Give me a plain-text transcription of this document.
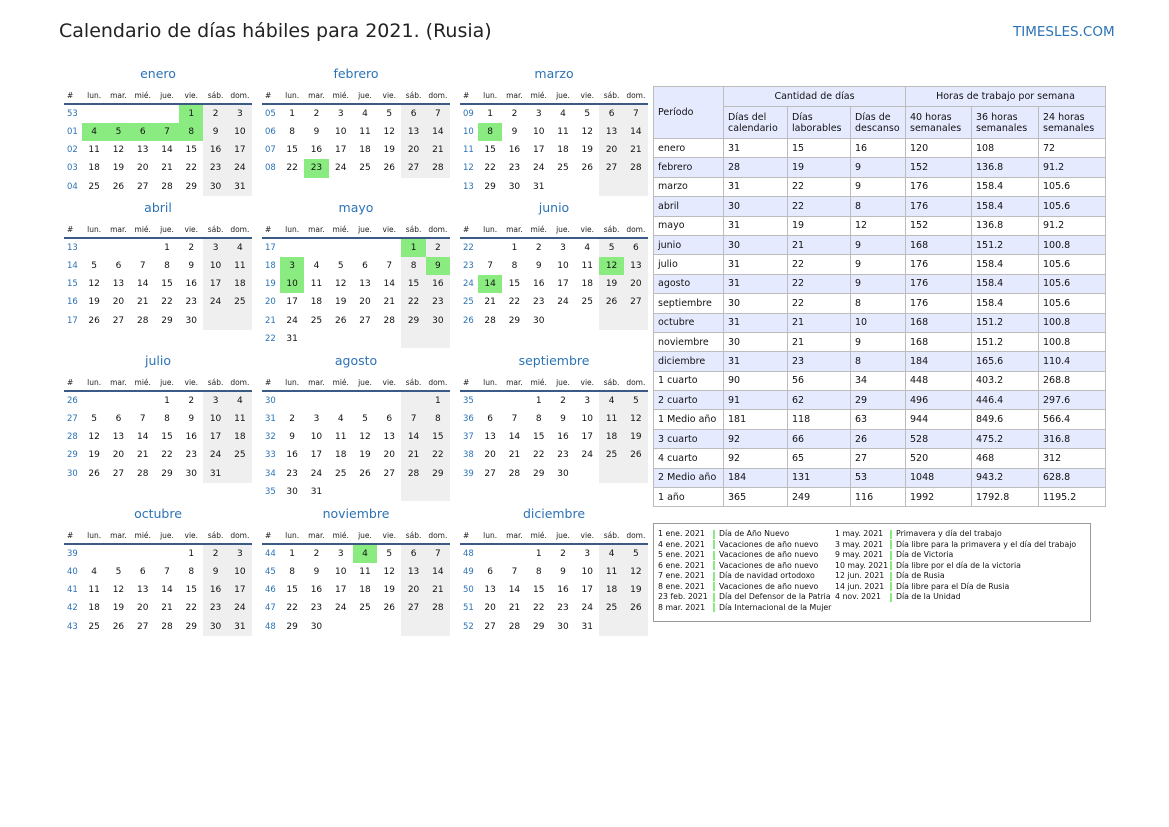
Calendario de días hábiles para 2021. (Rusia)	TIMESLES.COM
enero
#	lun.	mar.	mié.	jue.	vie.	sáb.	dom.
53					1	2	3
01	4	5	6	7	8	9	10
02	11	12	13	14	15	16	17
03	18	19	20	21	22	23	24
04	25	26	27	28	29	30	31
febrero
#	lun.	mar.	mié.	jue.	vie.	sáb.	dom.
05	1	2	3	4	5	6	7
06	8	9	10	11	12	13	14
07	15	16	17	18	19	20	21
08	22	23	24	25	26	27	28
marzo
#	lun.	mar.	mié.	jue.	vie.	sáb.	dom.
09	1	2	3	4	5	6	7
10	8	9	10	11	12	13	14
11	15	16	17	18	19	20	21
12	22	23	24	25	26	27	28
13	29	30	31				
abril
#	lun.	mar.	mié.	jue.	vie.	sáb.	dom.
13				1	2	3	4
14	5	6	7	8	9	10	11
15	12	13	14	15	16	17	18
16	19	20	21	22	23	24	25
17	26	27	28	29	30		
mayo
#	lun.	mar.	mié.	jue.	vie.	sáb.	dom.
17						1	2
18	3	4	5	6	7	8	9
19	10	11	12	13	14	15	16
20	17	18	19	20	21	22	23
21	24	25	26	27	28	29	30
22	31						
junio
#	lun.	mar.	mié.	jue.	vie.	sáb.	dom.
22		1	2	3	4	5	6
23	7	8	9	10	11	12	13
24	14	15	16	17	18	19	20
25	21	22	23	24	25	26	27
26	28	29	30				
julio
#	lun.	mar.	mié.	jue.	vie.	sáb.	dom.
26				1	2	3	4
27	5	6	7	8	9	10	11
28	12	13	14	15	16	17	18
29	19	20	21	22	23	24	25
30	26	27	28	29	30	31	
agosto
#	lun.	mar.	mié.	jue.	vie.	sáb.	dom.
30							1
31	2	3	4	5	6	7	8
32	9	10	11	12	13	14	15
33	16	17	18	19	20	21	22
34	23	24	25	26	27	28	29
35	30	31					
septiembre
#	lun.	mar.	mié.	jue.	vie.	sáb.	dom.
35			1	2	3	4	5
36	6	7	8	9	10	11	12
37	13	14	15	16	17	18	19
38	20	21	22	23	24	25	26
39	27	28	29	30			
octubre
#	lun.	mar.	mié.	jue.	vie.	sáb.	dom.
39					1	2	3
40	4	5	6	7	8	9	10
41	11	12	13	14	15	16	17
42	18	19	20	21	22	23	24
43	25	26	27	28	29	30	31
noviembre
#	lun.	mar.	mié.	jue.	vie.	sáb.	dom.
44	1	2	3	4	5	6	7
45	8	9	10	11	12	13	14
46	15	16	17	18	19	20	21
47	22	23	24	25	26	27	28
48	29	30					
diciembre
#	lun.	mar.	mié.	jue.	vie.	sáb.	dom.
48			1	2	3	4	5
49	6	7	8	9	10	11	12
50	13	14	15	16	17	18	19
51	20	21	22	23	24	25	26
52	27	28	29	30	31		
Período	Cantidad de días			Horas de trabajo por semana		
	Días del calendario	Días laborables	Días de descanso	40 horas semanales	36 horas semanales	24 horas semanales
enero	31	15	16	120	108	72
febrero	28	19	9	152	136.8	91.2
marzo	31	22	9	176	158.4	105.6
abril	30	22	8	176	158.4	105.6
mayo	31	19	12	152	136.8	91.2
junio	30	21	9	168	151.2	100.8
julio	31	22	9	176	158.4	105.6
agosto	31	22	9	176	158.4	105.6
septiembre	30	22	8	176	158.4	105.6
octubre	31	21	10	168	151.2	100.8
noviembre	30	21	9	168	151.2	100.8
diciembre	31	23	8	184	165.6	110.4
1 cuarto	90	56	34	448	403.2	268.8
2 cuarto	91	62	29	496	446.4	297.6
1 Medio año	181	118	63	944	849.6	566.4
3 cuarto	92	66	26	528	475.2	316.8
4 cuarto	92	65	27	520	468	312
2 Medio año	184	131	53	1048	943.2	628.8
1 año	365	249	116	1992	1792.8	1195.2
1 ene. 2021 Día de Año Nuevo
4 ene. 2021 Vacaciones de año nuevo
5 ene. 2021 Vacaciones de año nuevo
6 ene. 2021 Vacaciones de año nuevo
7 ene. 2021 Día de navidad ortodoxo
8 ene. 2021 Vacaciones de año nuevo
23 feb. 2021 Día del Defensor de la Patria
8 mar. 2021 Día Internacional de la Mujer
1 may. 2021 Primavera y día del trabajo
3 may. 2021 Día libre para la primavera y el día del trabajo
9 may. 2021 Día de Victoria
10 may. 2021 Día libre por el día de la victoria
12 jun. 2021 Día de Rusia
14 jun. 2021 Día libre para el Día de Rusia
4 nov. 2021 Día de la Unidad
